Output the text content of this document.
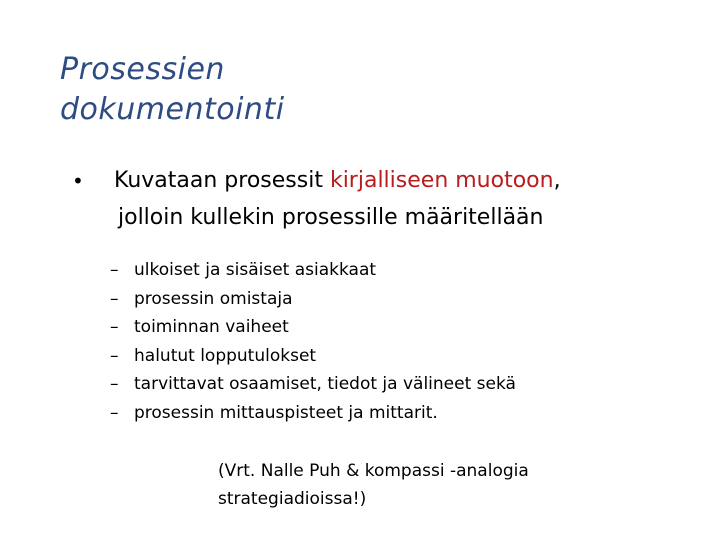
Prosessien
dokumentointi
• Kuvataan prosessit kirjalliseen muotoon,
jolloin kullekin prosessille määritellään
– ulkoiset ja sisäiset asiakkaat
– prosessin omistaja
– toiminnan vaiheet
– halutut lopputulokset
– tarvittavat osaamiset, tiedot ja välineet sekä
– prosessin mittauspisteet ja mittarit.
(Vrt. Nalle Puh & kompassi -analogia
strategiadioissa!)
